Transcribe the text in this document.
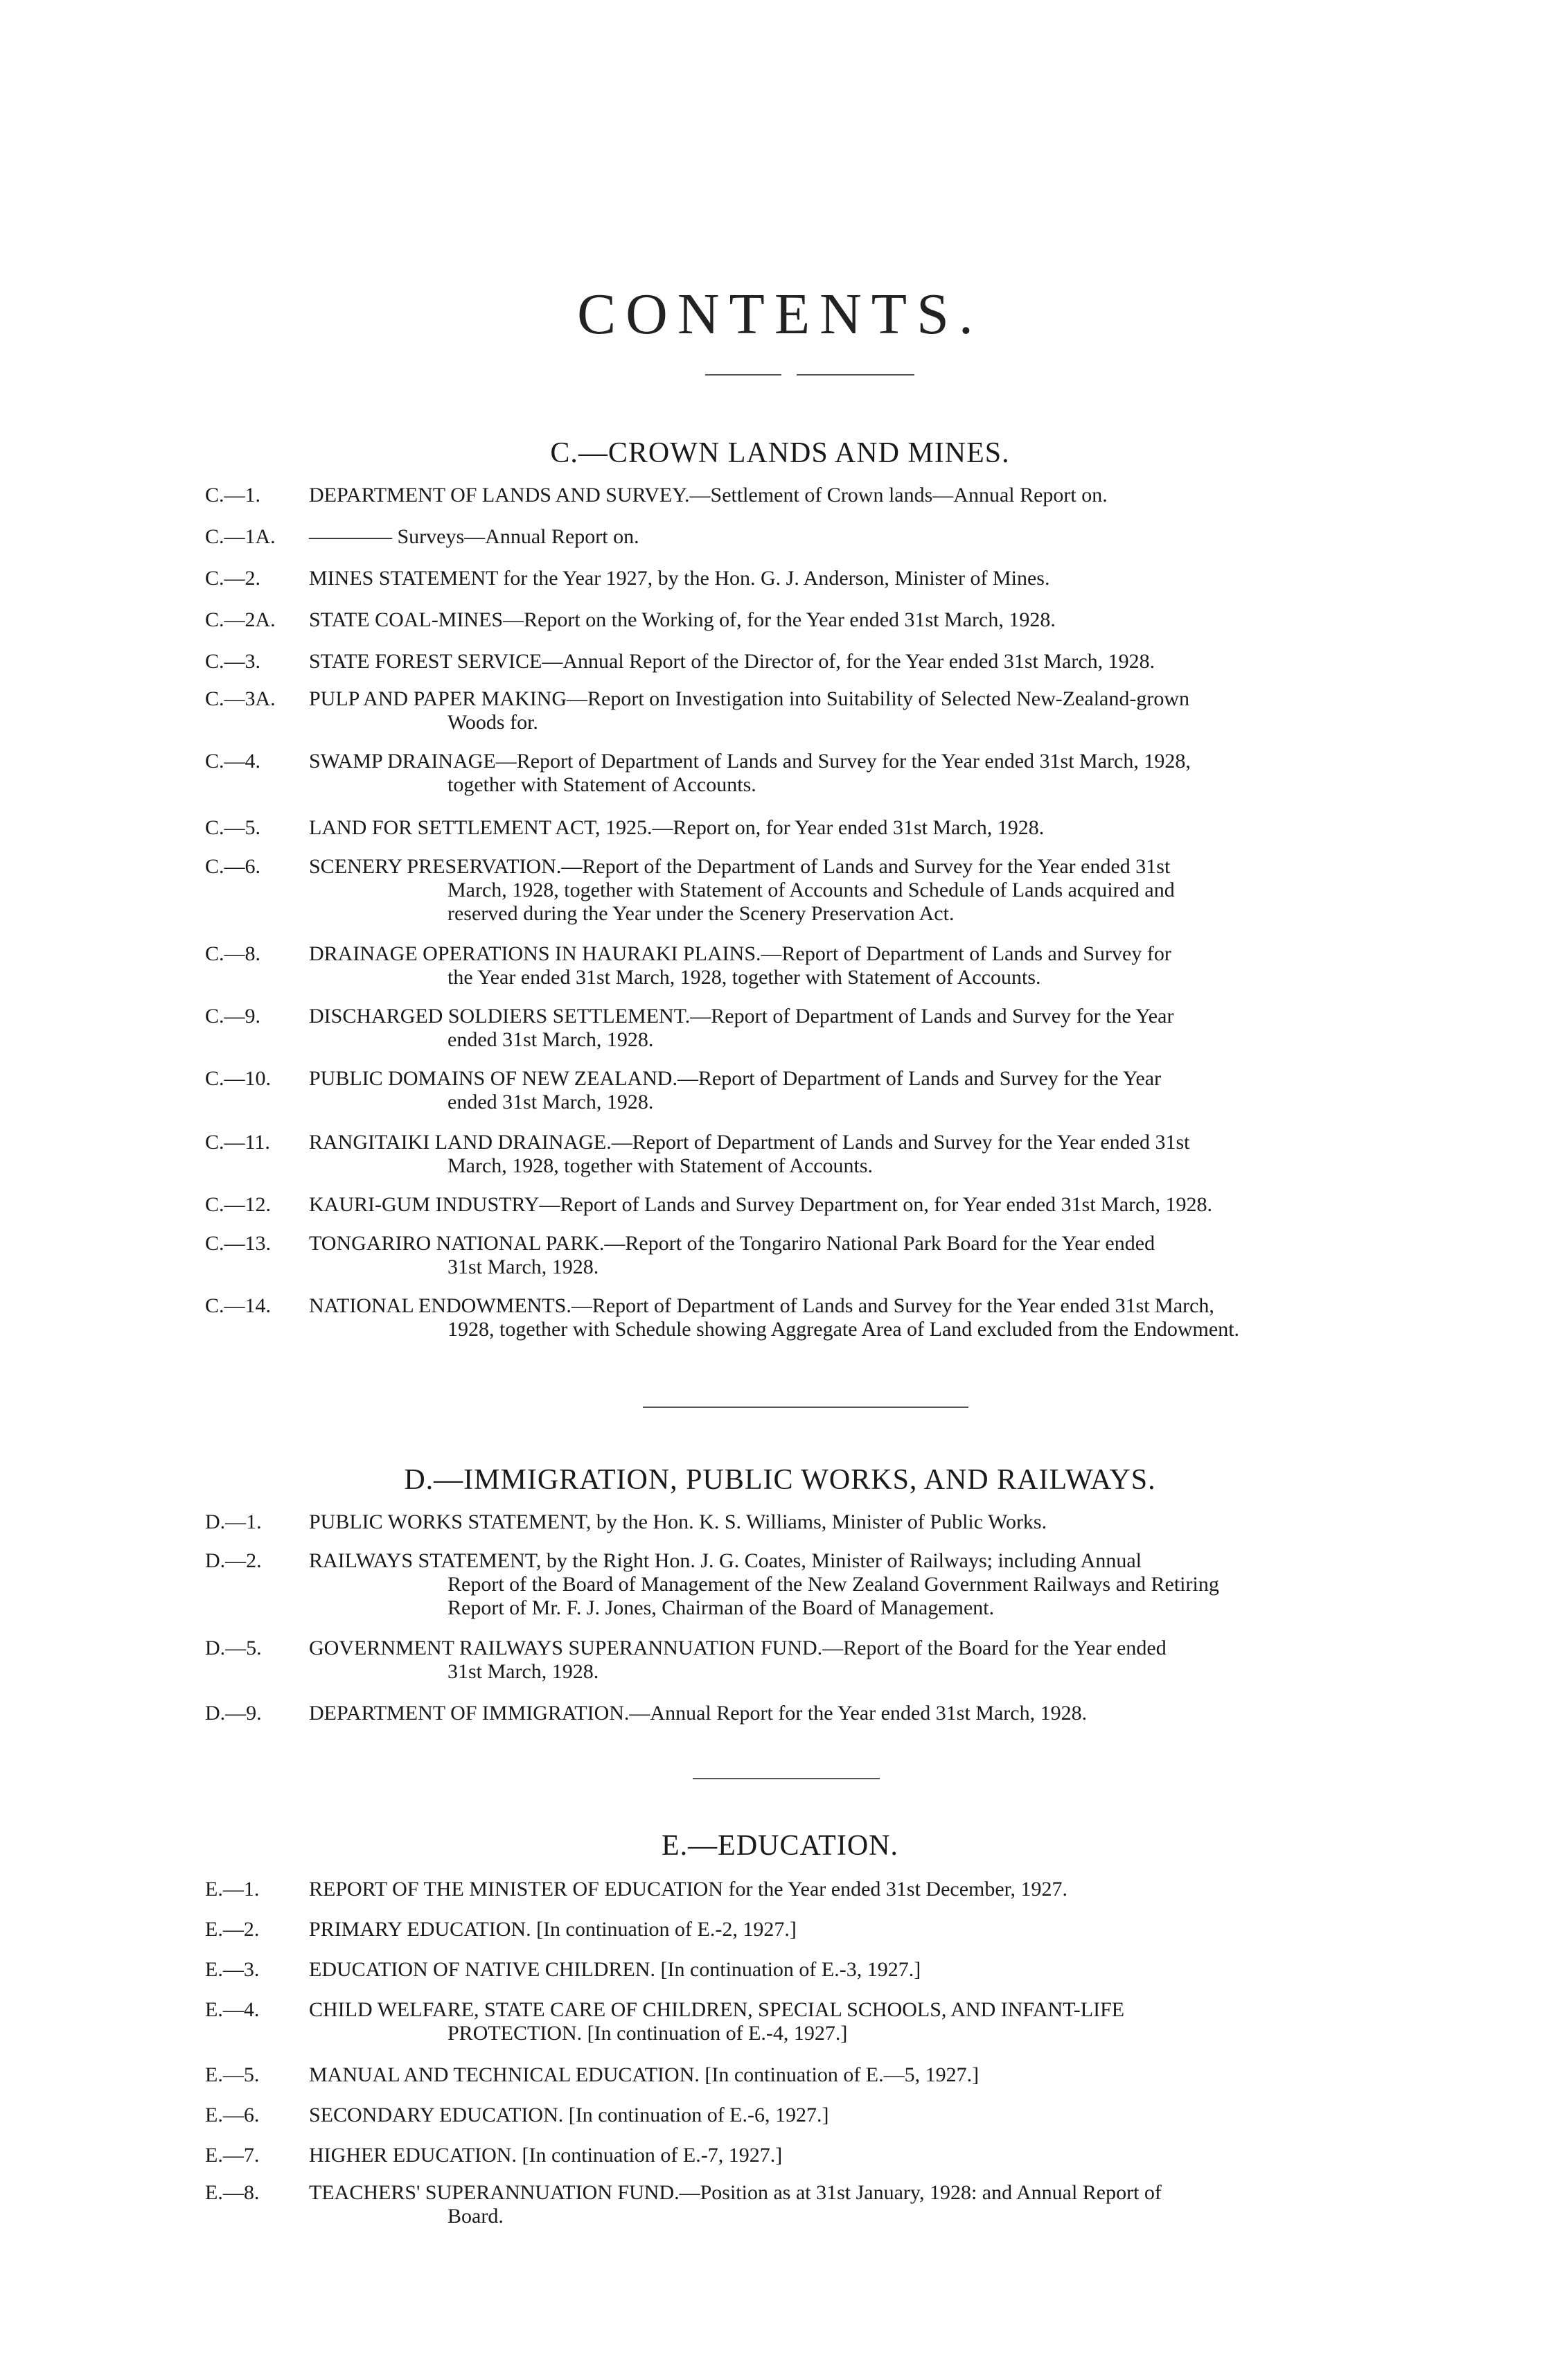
CONTENTS.
C.—CROWN LANDS AND MINES.
C.—1. DEPARTMENT OF LANDS AND SURVEY.—Settlement of Crown lands—Annual Report on.
C.—1A. ———— Surveys—Annual Report on.
C.—2. MINES STATEMENT for the Year 1927, by the Hon. G. J. Anderson, Minister of Mines.
C.—2A. STATE COAL-MINES—Report on the Working of, for the Year ended 31st March, 1928.
C.—3. STATE FOREST SERVICE—Annual Report of the Director of, for the Year ended 31st March, 1928.
C.—3A. PULP AND PAPER MAKING—Report on Investigation into Suitability of Selected New-Zealand-grown
Woods for.
C.—4. SWAMP DRAINAGE—Report of Department of Lands and Survey for the Year ended 31st March, 1928,
together with Statement of Accounts.
C.—5. LAND FOR SETTLEMENT ACT, 1925.—Report on, for Year ended 31st March, 1928.
C.—6. SCENERY PRESERVATION.—Report of the Department of Lands and Survey for the Year ended 31st
March, 1928, together with Statement of Accounts and Schedule of Lands acquired and
reserved during the Year under the Scenery Preservation Act.
C.—8. DRAINAGE OPERATIONS IN HAURAKI PLAINS.—Report of Department of Lands and Survey for
the Year ended 31st March, 1928, together with Statement of Accounts.
C.—9. DISCHARGED SOLDIERS SETTLEMENT.—Report of Department of Lands and Survey for the Year
ended 31st March, 1928.
C.—10. PUBLIC DOMAINS OF NEW ZEALAND.—Report of Department of Lands and Survey for the Year
ended 31st March, 1928.
C.—11. RANGITAIKI LAND DRAINAGE.—Report of Department of Lands and Survey for the Year ended 31st
March, 1928, together with Statement of Accounts.
C.—12. KAURI-GUM INDUSTRY—Report of Lands and Survey Department on, for Year ended 31st March, 1928.
C.—13. TONGARIRO NATIONAL PARK.—Report of the Tongariro National Park Board for the Year ended
31st March, 1928.
C.—14. NATIONAL ENDOWMENTS.—Report of Department of Lands and Survey for the Year ended 31st March,
1928, together with Schedule showing Aggregate Area of Land excluded from the Endowment.
D.—IMMIGRATION, PUBLIC WORKS, AND RAILWAYS.
D.—1. PUBLIC WORKS STATEMENT, by the Hon. K. S. Williams, Minister of Public Works.
D.—2. RAILWAYS STATEMENT, by the Right Hon. J. G. Coates, Minister of Railways; including Annual
Report of the Board of Management of the New Zealand Government Railways and Retiring
Report of Mr. F. J. Jones, Chairman of the Board of Management.
D.—5. GOVERNMENT RAILWAYS SUPERANNUATION FUND.—Report of the Board for the Year ended
31st March, 1928.
D.—9. DEPARTMENT OF IMMIGRATION.—Annual Report for the Year ended 31st March, 1928.
E.—EDUCATION.
E.—1. REPORT OF THE MINISTER OF EDUCATION for the Year ended 31st December, 1927.
E.—2. PRIMARY EDUCATION. [In continuation of E.-2, 1927.]
E.—3. EDUCATION OF NATIVE CHILDREN. [In continuation of E.-3, 1927.]
E.—4. CHILD WELFARE, STATE CARE OF CHILDREN, SPECIAL SCHOOLS, AND INFANT-LIFE
PROTECTION. [In continuation of E.-4, 1927.]
E.—5. MANUAL AND TECHNICAL EDUCATION. [In continuation of E.—5, 1927.]
E.—6. SECONDARY EDUCATION. [In continuation of E.-6, 1927.]
E.—7. HIGHER EDUCATION. [In continuation of E.-7, 1927.]
E.—8. TEACHERS' SUPERANNUATION FUND.—Position as at 31st January, 1928: and Annual Report of
Board.
